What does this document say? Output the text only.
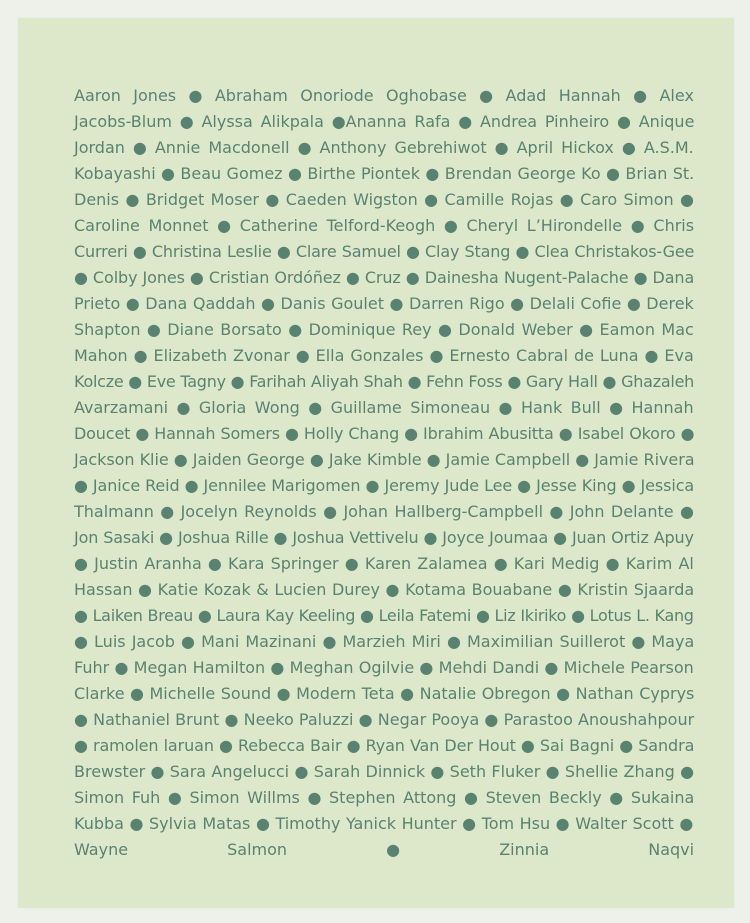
Aaron Jones ● Abraham Onoriode Oghobase ● Adad Hannah ● Alex
Jacobs-Blum ● Alyssa Alikpala ●Ananna Rafa ● Andrea Pinheiro ● Anique
Jordan ● Annie Macdonell ● Anthony Gebrehiwot ● April Hickox ● A.S.M.
Kobayashi ● Beau Gomez ● Birthe Piontek ● Brendan George Ko ● Brian St.
Denis ● Bridget Moser ● Caeden Wigston ● Camille Rojas ● Caro Simon ●
Caroline Monnet ● Catherine Telford-Keogh ● Cheryl L’Hirondelle ● Chris
Curreri ● Christina Leslie ● Clare Samuel ● Clay Stang ● Clea Christakos-Gee
● Colby Jones ● Cristian Ordóñez ● Cruz ● Dainesha Nugent-Palache ● Dana
Prieto ● Dana Qaddah ● Danis Goulet ● Darren Rigo ● Delali Cofie ● Derek
Shapton ● Diane Borsato ● Dominique Rey ● Donald Weber ● Eamon Mac
Mahon ● Elizabeth Zvonar ● Ella Gonzales ● Ernesto Cabral de Luna ● Eva
Kolcze ● Eve Tagny ● Farihah Aliyah Shah ● Fehn Foss ● Gary Hall ● Ghazaleh
Avarzamani ● Gloria Wong ● Guillame Simoneau ● Hank Bull ● Hannah
Doucet ● Hannah Somers ● Holly Chang ● Ibrahim Abusitta ● Isabel Okoro ●
Jackson Klie ● Jaiden George ● Jake Kimble ● Jamie Campbell ● Jamie Rivera
● Janice Reid ● Jennilee Marigomen ● Jeremy Jude Lee ● Jesse King ● Jessica
Thalmann ● Jocelyn Reynolds ● Johan Hallberg-Campbell ● John Delante ●
Jon Sasaki ● Joshua Rille ● Joshua Vettivelu ● Joyce Joumaa ● Juan Ortiz Apuy
● Justin Aranha ● Kara Springer ● Karen Zalamea ● Kari Medig ● Karim Al
Hassan ● Katie Kozak & Lucien Durey ● Kotama Bouabane ● Kristin Sjaarda
● Laiken Breau ● Laura Kay Keeling ● Leila Fatemi ● Liz Ikiriko ● Lotus L. Kang
● Luis Jacob ● Mani Mazinani ● Marzieh Miri ● Maximilian Suillerot ● Maya
Fuhr ● Megan Hamilton ● Meghan Ogilvie ● Mehdi Dandi ● Michele Pearson
Clarke ● Michelle Sound ● Modern Teta ● Natalie Obregon ● Nathan Cyprys
● Nathaniel Brunt ● Neeko Paluzzi ● Negar Pooya ● Parastoo Anoushahpour
● ramolen laruan ● Rebecca Bair ● Ryan Van Der Hout ● Sai Bagni ● Sandra
Brewster ● Sara Angelucci ● Sarah Dinnick ● Seth Fluker ● Shellie Zhang ●
Simon Fuh ● Simon Willms ● Stephen Attong ● Steven Beckly ● Sukaina
Kubba ● Sylvia Matas ● Timothy Yanick Hunter ● Tom Hsu ● Walter Scott ●
Wayne Salmon ● Zinnia Naqvi
